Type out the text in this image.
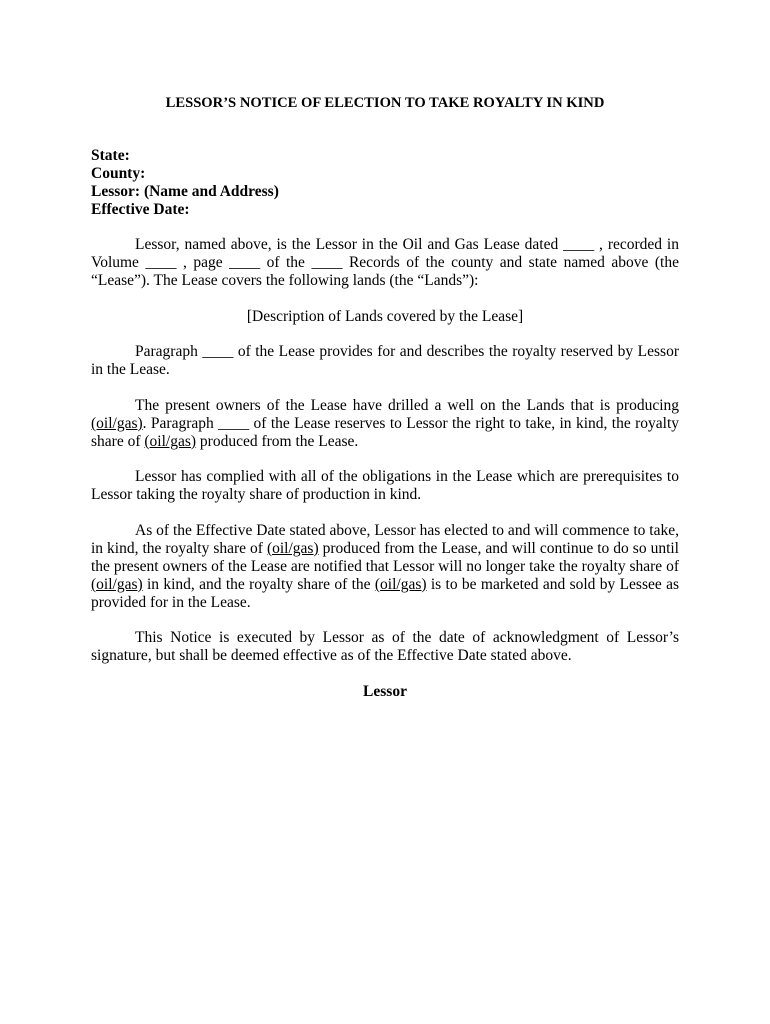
LESSOR’S NOTICE OF ELECTION TO TAKE ROYALTY IN KIND
State:
County:
Lessor: (Name and Address)
Effective Date:

Lessor, named above, is the Lessor in the Oil and Gas Lease dated ____ , recorded in Volume ____ , page ____ of the ____ Records of the county and state named above (the “Lease”). The Lease covers the following lands (the “Lands”):

[Description of Lands covered by the Lease]

Paragraph ____ of the Lease provides for and describes the royalty reserved by Lessor in the Lease.

The present owners of the Lease have drilled a well on the Lands that is producing (oil/gas). Paragraph ____ of the Lease reserves to Lessor the right to take, in kind, the royalty share of (oil/gas) produced from the Lease.

Lessor has complied with all of the obligations in the Lease which are prerequisites to Lessor taking the royalty share of production in kind.

As of the Effective Date stated above, Lessor has elected to and will commence to take, in kind, the royalty share of (oil/gas) produced from the Lease, and will continue to do so until the present owners of the Lease are notified that Lessor will no longer take the royalty share of (oil/gas) in kind, and the royalty share of the (oil/gas) is to be marketed and sold by Lessee as provided for in the Lease.

This Notice is executed by Lessor as of the date of acknowledgment of Lessor’s signature, but shall be deemed effective as of the Effective Date stated above.

Lessor
